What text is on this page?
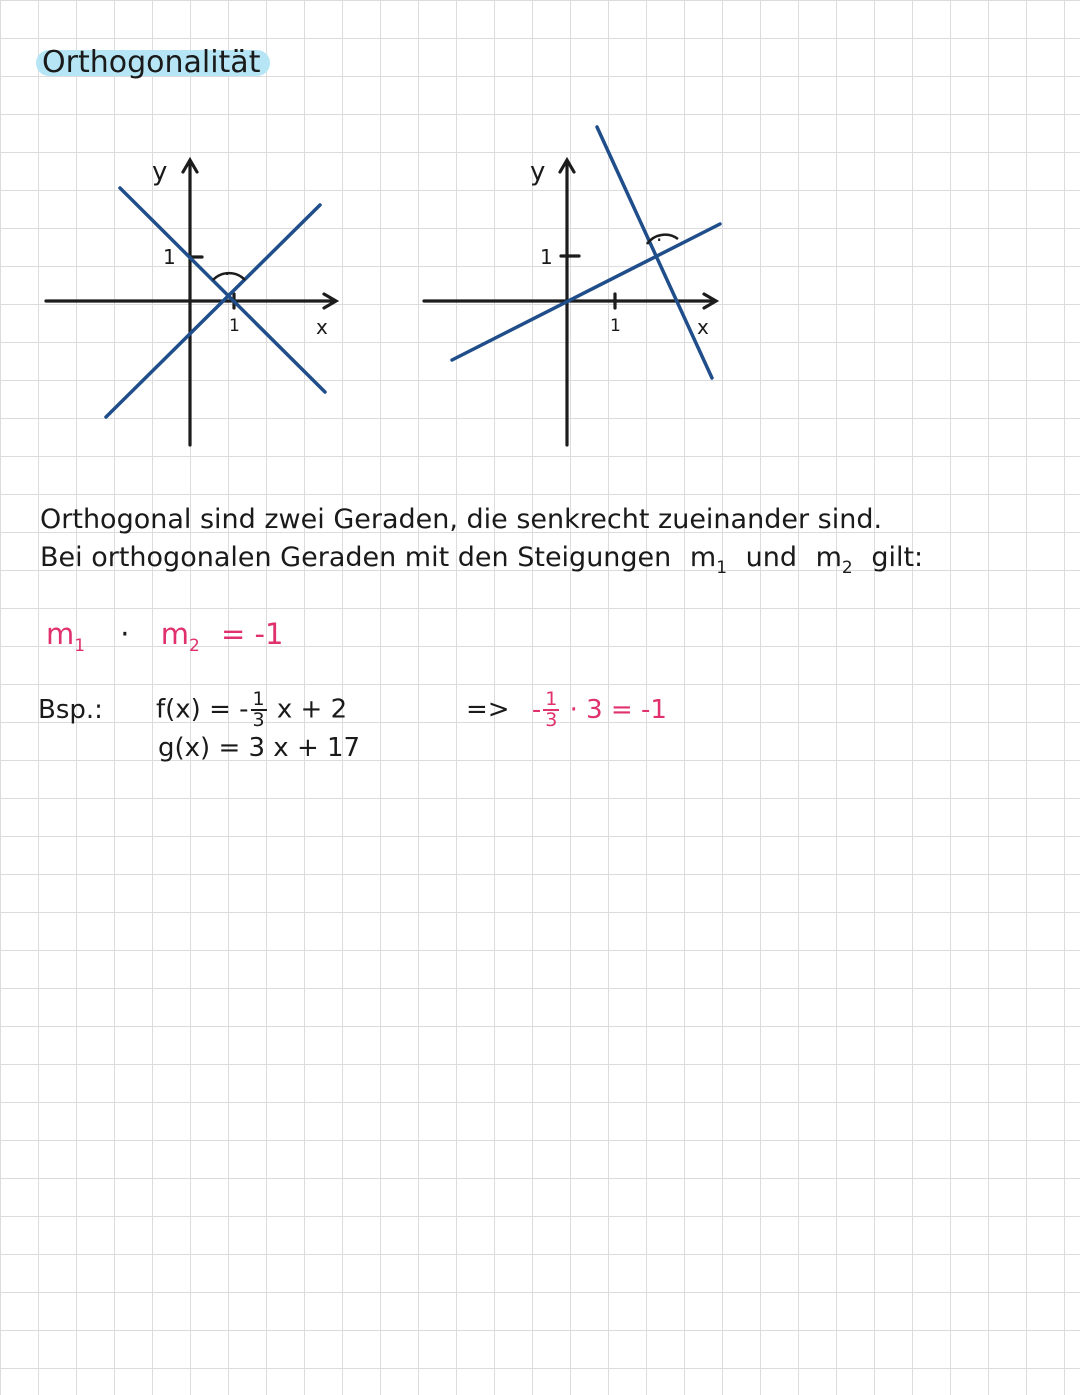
Orthogonalität
·
y
x
1
1
·
y
x
1
1
Orthogonal sind zwei Geraden, die senkrecht zueinander sind.
Bei orthogonalen Geraden mit den Steigungen $m_1$ und $m_2$ gilt:
$m_1 \cdot m_2 = -1$
Bsp.: f(x) = - $\frac{1}{3}$ x + 2
g(x) = 3 x + 17
=> - $\frac{1}{3} \cdot 3 = -1$
